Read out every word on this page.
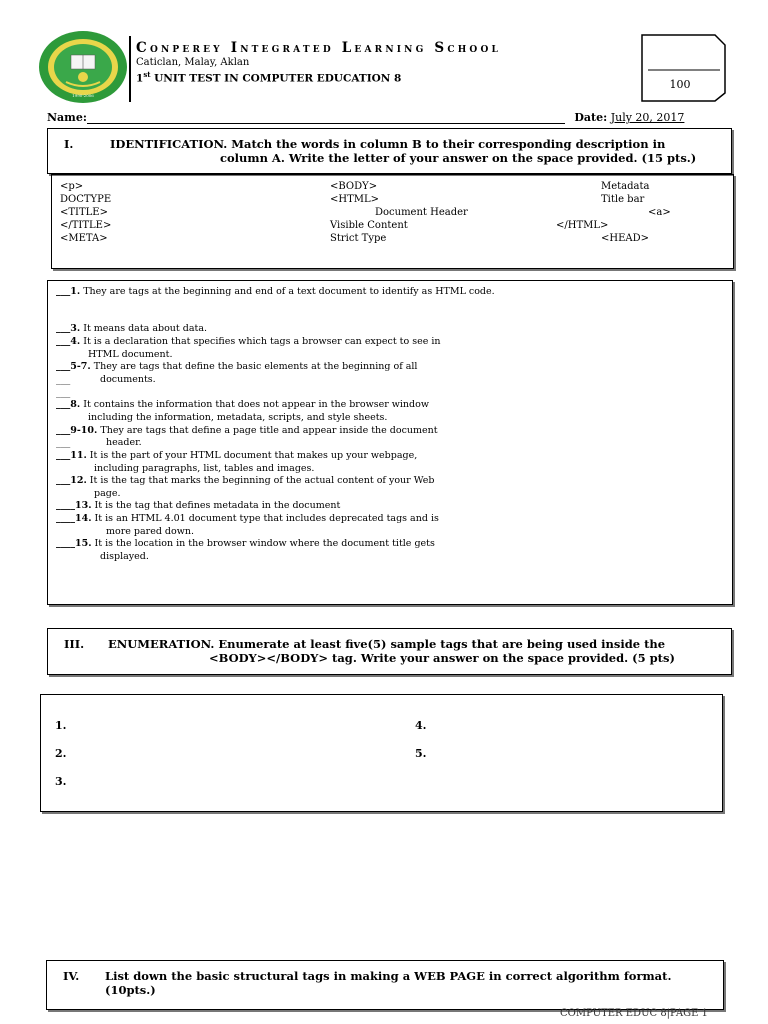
1990-2006
Conperey Integrated Learning School
Caticlan, Malay, Aklan
1st UNIT TEST IN COMPUTER EDUCATION 8	100
Name:	Date: July 20, 2017
I.	IDENTIFICATION. Match the words in column B to their corresponding description in
column A. Write the letter of your answer on the space provided. (15 pts.)
<p>	<BODY>	Metadata
DOCTYPE	<HTML>	Title bar
<TITLE>	Document Header	<a>
</TITLE>	Visible Content	</HTML>
<META>	Strict Type	<HEAD>
___1. They are tags at the beginning and end of a text document to identify as HTML code.
___3. It means data about data.
___4. It is a declaration that specifies which tags a browser can expect to see in
HTML document.
___5-7. They are tags that define the basic elements at the beginning of all
___	documents.
___
___8. It contains the information that does not appear in the browser window
including the information, metadata, scripts, and style sheets.
___9-10. They are tags that define a page title and appear inside the document
___	header.
___11. It is the part of your HTML document that makes up your webpage,
including paragraphs, list, tables and images.
___12. It is the tag that marks the beginning of the actual content of your Web
page.
____13. It is the tag that defines metadata in the document
____14. It is an HTML 4.01 document type that includes deprecated tags and is
more pared down.
____15. It is the location in the browser window where the document title gets
displayed.
III. ENUMERATION. Enumerate at least five(5) sample tags that are being used inside the
<BODY></BODY> tag. Write your answer on the space provided. (5 pts)
1.
2.
3.
4.
5.
IV. List down the basic structural tags in making a WEB PAGE in correct algorithm format.
(10pts.)
COMPUTER EDUC 8|PAGE 1
